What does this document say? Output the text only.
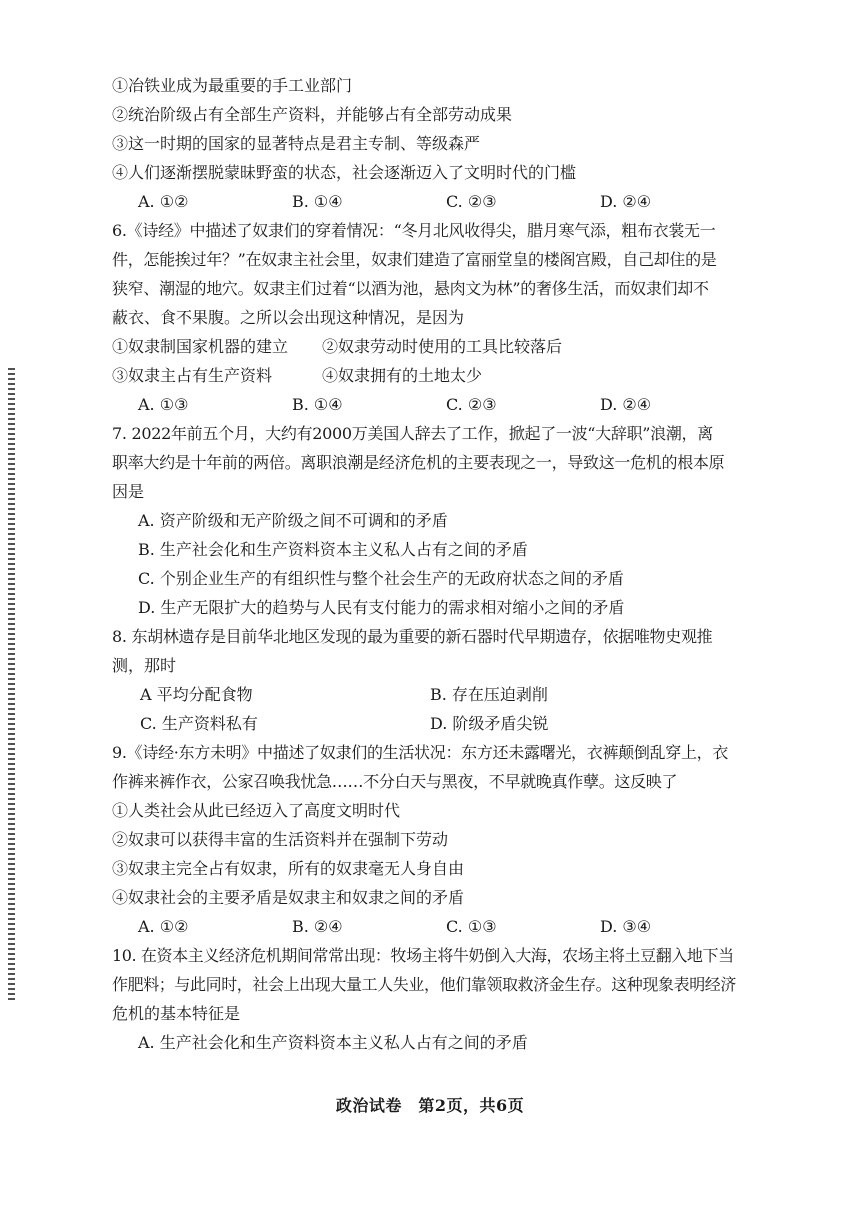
①冶铁业成为最重要的手工业部门

②统治阶级占有全部生产资料，并能够占有全部劳动成果

③这一时期的国家的显著特点是君主专制、等级森严

④人们逐渐摆脱蒙昧野蛮的状态，社会逐渐迈入了文明时代的门槛

A. ①②	B. ①④	C. ②③	D. ②④

6.《诗经》中描述了奴隶们的穿着情况：“冬月北风收得尖，腊月寒气添，粗布衣裳无一

件，怎能挨过年？”在奴隶主社会里，奴隶们建造了富丽堂皇的楼阁宫殿，自己却住的是

狭窄、潮湿的地穴。奴隶主们过着“以酒为池，悬肉文为林”的奢侈生活，而奴隶们却不

蔽衣、食不果腹。之所以会出现这种情况，是因为

①奴隶制国家机器的建立	②奴隶劳动时使用的工具比较落后
③奴隶主占有生产资料	④奴隶拥有的土地太少
A. ①③	B. ①④	C. ②③	D. ②④

7. 2022年前五个月，大约有2000万美国人辞去了工作，掀起了一波“大辞职”浪潮，离

职率大约是十年前的两倍。离职浪潮是经济危机的主要表现之一，导致这一危机的根本原

因是

A. 资产阶级和无产阶级之间不可调和的矛盾

B. 生产社会化和生产资料资本主义私人占有之间的矛盾

C. 个别企业生产的有组织性与整个社会生产的无政府状态之间的矛盾

D. 生产无限扩大的趋势与人民有支付能力的需求相对缩小之间的矛盾

8. 东胡林遗存是目前华北地区发现的最为重要的新石器时代早期遗存，依据唯物史观推

测，那时

A 平均分配食物	B. 存在压迫剥削
C. 生产资料私有	D. 阶级矛盾尖锐

9.《诗经·东方未明》中描述了奴隶们的生活状况：东方还未露曙光，衣裤颠倒乱穿上，衣

作裤来裤作衣，公家召唤我忧急……不分白天与黑夜，不早就晚真作孽。这反映了

①人类社会从此已经迈入了高度文明时代

②奴隶可以获得丰富的生活资料并在强制下劳动

③奴隶主完全占有奴隶，所有的奴隶毫无人身自由

④奴隶社会的主要矛盾是奴隶主和奴隶之间的矛盾

A. ①②	B. ②④	C. ①③	D. ③④

10. 在资本主义经济危机期间常常出现：牧场主将牛奶倒入大海，农场主将土豆翻入地下当

作肥料；与此同时，社会上出现大量工人失业，他们靠领取救济金生存。这种现象表明经济

危机的基本特征是

A. 生产社会化和生产资料资本主义私人占有之间的矛盾

政治试卷　第2页，共6页
